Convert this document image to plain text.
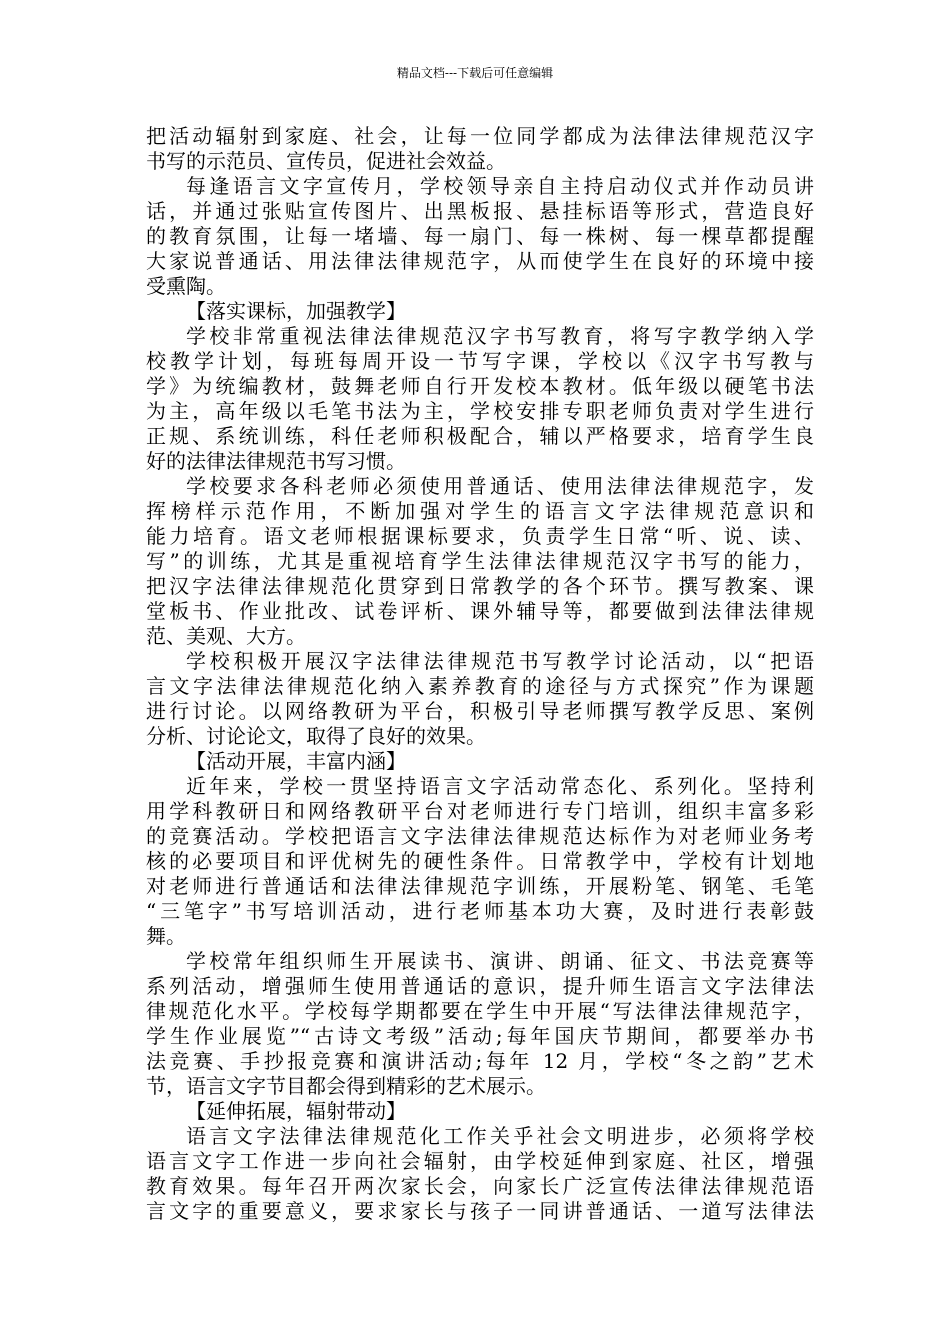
精品文档---下载后可任意编辑
把活动辐射到家庭、社会，让每一位同学都成为法律法律规范汉字
书写的示范员、宣传员，促进社会效益。
每逢语言文字宣传月，学校领导亲自主持启动仪式并作动员讲
话，并通过张贴宣传图片、出黑板报、悬挂标语等形式，营造良好
的教育氛围，让每一堵墙、每一扇门、每一株树、每一棵草都提醒
大家说普通话、用法律法律规范字，从而使学生在良好的环境中接
受熏陶。
【落实课标，加强教学】
学校非常重视法律法律规范汉字书写教育，将写字教学纳入学
校教学计划，每班每周开设一节写字课，学校以《汉字书写教与
学》为统编教材，鼓舞老师自行开发校本教材。低年级以硬笔书法
为主，高年级以毛笔书法为主，学校安排专职老师负责对学生进行
正规、系统训练，科任老师积极配合，辅以严格要求，培育学生良
好的法律法律规范书写习惯。
学校要求各科老师必须使用普通话、使用法律法律规范字，发
挥榜样示范作用，不断加强对学生的语言文字法律规范意识和
能力培育。语文老师根据课标要求，负责学生日常“听、说、读、
写”的训练，尤其是重视培育学生法律法律规范汉字书写的能力，
把汉字法律法律规范化贯穿到日常教学的各个环节。撰写教案、课
堂板书、作业批改、试卷评析、课外辅导等，都要做到法律法律规
范、美观、大方。
学校积极开展汉字法律法律规范书写教学讨论活动，以“把语
言文字法律法律规范化纳入素养教育的途径与方式探究”作为课题
进行讨论。以网络教研为平台，积极引导老师撰写教学反思、案例
分析、讨论论文，取得了良好的效果。
【活动开展，丰富内涵】
近年来，学校一贯坚持语言文字活动常态化、系列化。坚持利
用学科教研日和网络教研平台对老师进行专门培训，组织丰富多彩
的竞赛活动。学校把语言文字法律法律规范达标作为对老师业务考
核的必要项目和评优树先的硬性条件。日常教学中，学校有计划地
对老师进行普通话和法律法律规范字训练，开展粉笔、钢笔、毛笔
“三笔字”书写培训活动，进行老师基本功大赛，及时进行表彰鼓
舞。
学校常年组织师生开展读书、演讲、朗诵、征文、书法竞赛等
系列活动，增强师生使用普通话的意识，提升师生语言文字法律法
律规范化水平。学校每学期都要在学生中开展“写法律法律规范字，
学生作业展览”“古诗文考级”活动;每年国庆节期间，都要举办书
法竞赛、手抄报竞赛和演讲活动;每年 12 月，学校“冬之韵”艺术
节，语言文字节目都会得到精彩的艺术展示。
【延伸拓展，辐射带动】
语言文字法律法律规范化工作关乎社会文明进步，必须将学校
语言文字工作进一步向社会辐射，由学校延伸到家庭、社区，增强
教育效果。每年召开两次家长会，向家长广泛宣传法律法律规范语
言文字的重要意义，要求家长与孩子一同讲普通话、一道写法律法
